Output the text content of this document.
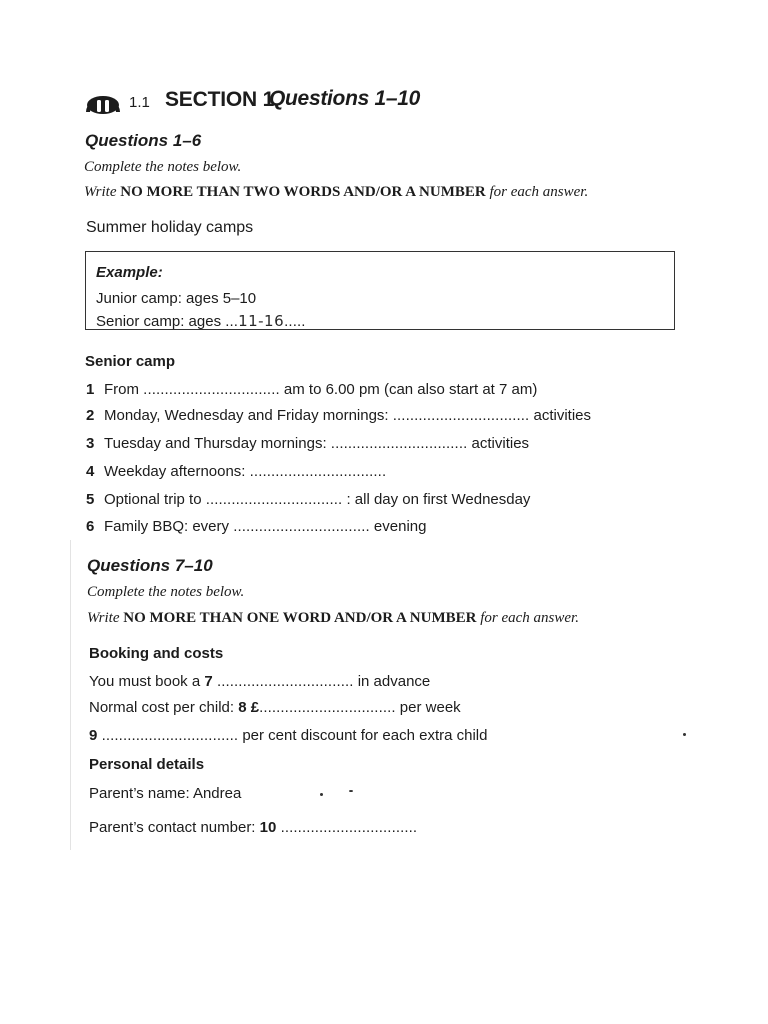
1.1 SECTION 1
Questions 1–10
Questions 1–6
Complete the notes below.
Write NO MORE THAN TWO WORDS AND/OR A NUMBER for each answer.
Summer holiday camps
Example:
Junior camp: ages 5–10
Senior camp: ages ...11-16.....
Senior camp
1 From ................................ am to 6.00 pm (can also start at 7 am)
2 Monday, Wednesday and Friday mornings: ................................ activities
3 Tuesday and Thursday mornings: ................................ activities
4 Weekday afternoons: ................................
5 Optional trip to ................................ : all day on first Wednesday
6 Family BBQ: every ................................ evening
Questions 7–10
Complete the notes below.
Write NO MORE THAN ONE WORD AND/OR A NUMBER for each answer.
Booking and costs
You must book a 7 ................................ in advance
Normal cost per child: 8 £................................ per week
9 ................................ per cent discount for each extra child
Personal details
Parent’s name: Andrea
Parent’s contact number: 10 ................................
